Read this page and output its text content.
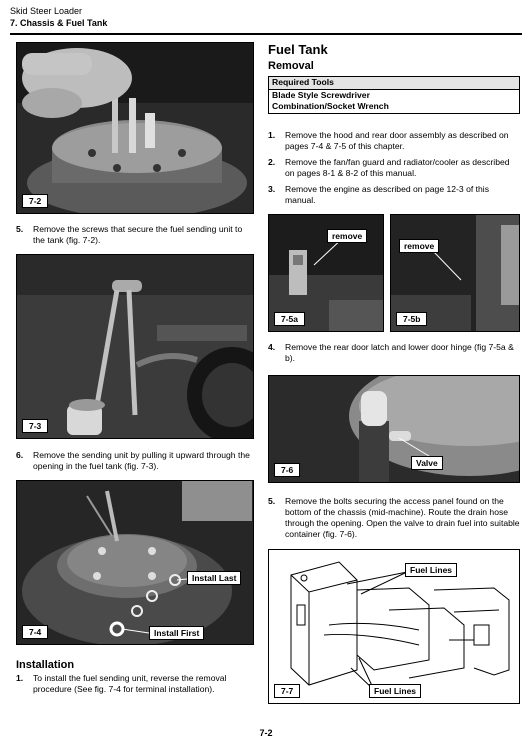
Skid Steer Loader
7. Chassis & Fuel Tank
7-2
5.	Remove the screws that secure the fuel sending unit to the tank (fig. 7-2).
7-3
6.	Remove the sending unit by pulling it upward through the opening in the fuel tank (fig. 7-3).
Install Last
Install First
7-4
Installation
1.	To install the fuel sending unit, reverse the removal procedure (See fig. 7-4 for terminal installation).
Fuel Tank
Removal
Required Tools
Blade Style Screwdriver
Combination/Socket Wrench
1.	Remove the hood and rear door assembly as described on pages 7-4 & 7-5 of this chapter.
2.	Remove the fan/fan guard and radiator/cooler as described on pages 8-1 & 8-2 of this manual.
3.	Remove the engine as described on page 12-3 of this manual.
remove
7-5a
remove
7-5b
4.	Remove the rear door latch and lower door hinge (fig 7-5a & b).
Valve
7-6
5.	Remove the bolts securing the access panel found on the bottom of the chassis (mid-machine). Route the drain hose through the opening. Open the valve to drain fuel into suitable container (fig. 7-6).
Fuel Lines
Fuel Lines
7-7
7-2
